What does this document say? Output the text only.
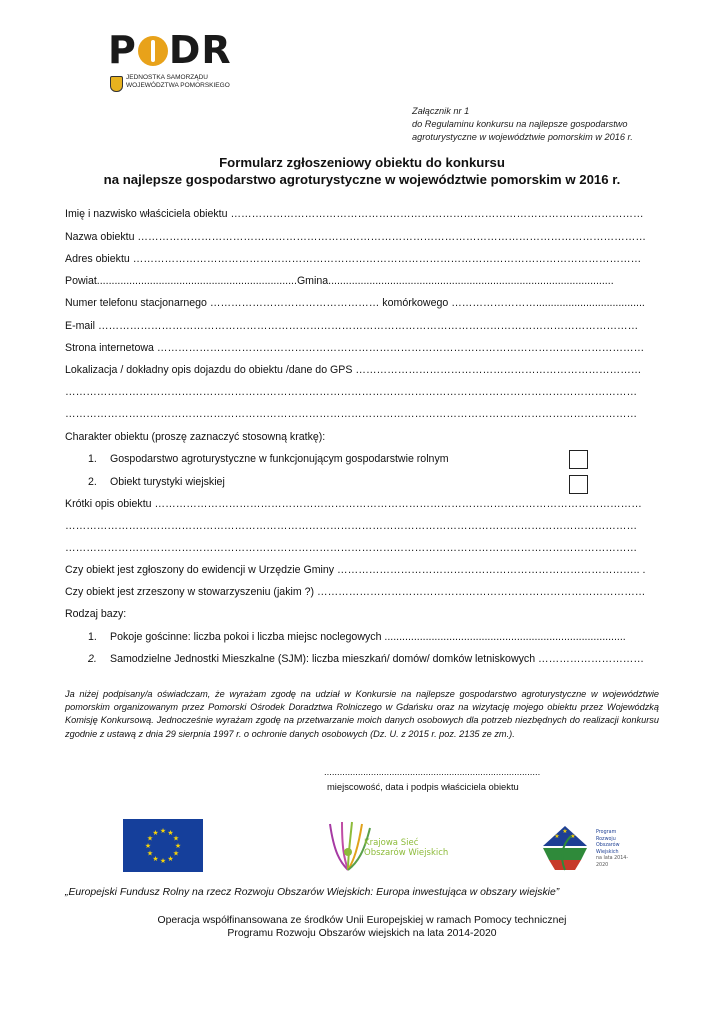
P DR
JEDNOSTKA SAMORZĄDU
WOJEWÓDZTWA POMORSKIEGO
Załącznik nr 1
do Regulaminu konkursu na najlepsze gospodarstwo
agroturystyczne w województwie pomorskim w 2016 r.
Formularz zgłoszeniowy obiektu do konkursu
na najlepsze gospodarstwo agroturystyczne w województwie pomorskim w 2016 r.
Imię i nazwisko właściciela obiektu ………………………………………………………………………………………………………
Nazwa obiektu ………………………………………………………………………………………………………………………………
Adres obiektu ………………………………………………………………………………………………………………………………
Powiat....................................................................Gmina.................................................................................................
Numer telefonu stacjonarnego ………………………………………… komórkowego …………………….....................................
E-mail ………………………………………………………………………………………………………………………………………
Strona internetowa …………………………………………………………………………………………………………………………
Lokalizacja / dokładny opis dojazdu do obiektu /dane do GPS ………………………………………………………………………
………………………………………………………………………………………………………………………………………………
………………………………………………………………………………………………………………………………………………
Charakter obiektu (proszę zaznaczyć stosowną kratkę):
1. Gospodarstwo agroturystyczne w funkcjonującym gospodarstwie rolnym
2. Obiekt turystyki wiejskiej
Krótki opis obiektu …………………………………………………………………………………………………………………………
………………………………………………………………………………………………………………………………………………
………………………………………………………………………………………………………………………………………………
Czy obiekt jest zgłoszony do ewidencji w Urzędzie Gminy ………………………………………………………………………….. .
Czy obiekt jest zrzeszony w stowarzyszeniu (jakim ?) …………………………………………………………………………………
Rodzaj bazy:
1. Pokoje gościnne: liczba pokoi i liczba miejsc noclegowych ..................................................................................
2. Samodzielne Jednostki Mieszkalne (SJM): liczba mieszkań/ domów/ domków letniskowych …………………………
Ja niżej podpisany/a oświadczam, że wyrażam zgodę na udział w Konkursie na najlepsze gospodarstwo agroturystyczne w województwie pomorskim organizowanym przez Pomorski Ośrodek Doradztwa Rolniczego w Gdańsku oraz na wizytację mojego obiektu przez Wojewódzką Komisję Konkursową. Jednocześnie wyrażam zgodę na przetwarzanie moich danych osobowych dla potrzeb niezbędnych do realizacji konkursu zgodnie z ustawą z dnia 29 sierpnia 1997 r. o ochronie danych osobowych (Dz. U. z 2015 r. poz. 2135 ze zm.).
...................................................................................
miejscowość, data i podpis właściciela obiektu
★ ★
★
★
★
★
★
★
★
★
★
★
Krajowa Sieć
Obszarów Wiejskich
★
★
★
Program
Rozwoju
Obszarów
Wiejskich
na lata 2014-2020
„Europejski Fundusz Rolny na rzecz Rozwoju Obszarów Wiejskich: Europa inwestująca w obszary wiejskie”
Operacja współfinansowana ze środków Unii Europejskiej w ramach Pomocy technicznej
Programu Rozwoju Obszarów wiejskich na lata 2014-2020
